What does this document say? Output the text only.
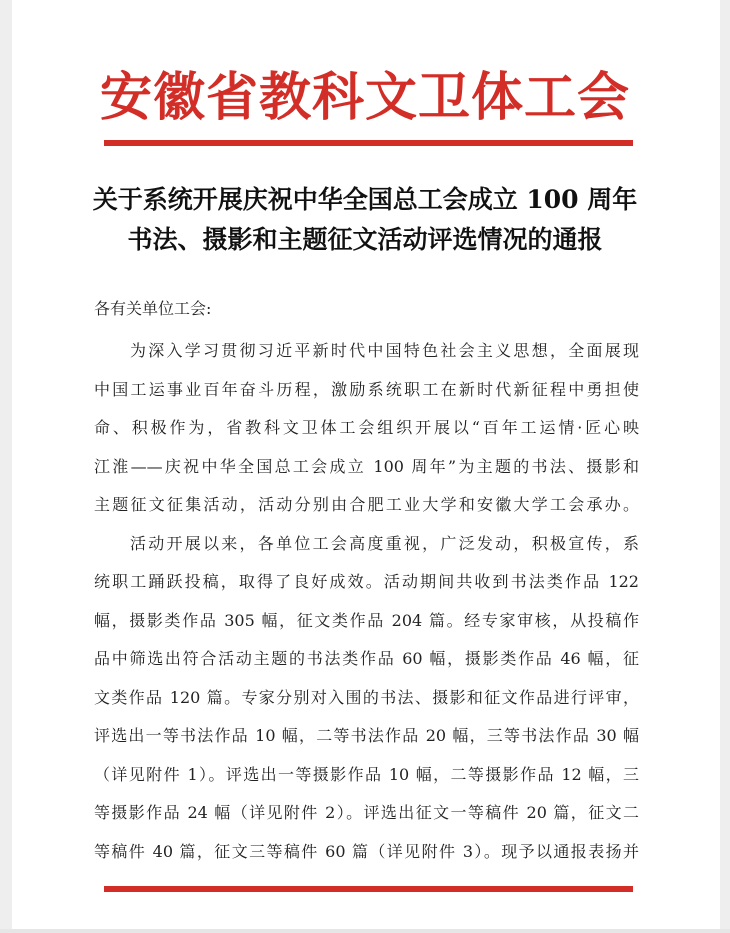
安徽省教科文卫体工会
关于系统开展庆祝中华全国总工会成立 100 周年
书法、摄影和主题征文活动评选情况的通报
各有关单位工会:
为深入学习贯彻习近平新时代中国特色社会主义思想，全面展现
中国工运事业百年奋斗历程，激励系统职工在新时代新征程中勇担使
命、积极作为，省教科文卫体工会组织开展以“百年工运情·匠心映
江淮——庆祝中华全国总工会成立 100 周年”为主题的书法、摄影和
主题征文征集活动，活动分别由合肥工业大学和安徽大学工会承办。
活动开展以来，各单位工会高度重视，广泛发动，积极宣传，系
统职工踊跃投稿，取得了良好成效。活动期间共收到书法类作品 122
幅，摄影类作品 305 幅，征文类作品 204 篇。经专家审核，从投稿作
品中筛选出符合活动主题的书法类作品 60 幅，摄影类作品 46 幅，征
文类作品 120 篇。专家分别对入围的书法、摄影和征文作品进行评审，
评选出一等书法作品 10 幅，二等书法作品 20 幅，三等书法作品 30 幅
（详见附件 1）。评选出一等摄影作品 10 幅，二等摄影作品 12 幅，三
等摄影作品 24 幅（详见附件 2）。评选出征文一等稿件 20 篇，征文二
等稿件 40 篇，征文三等稿件 60 篇（详见附件 3）。现予以通报表扬并
